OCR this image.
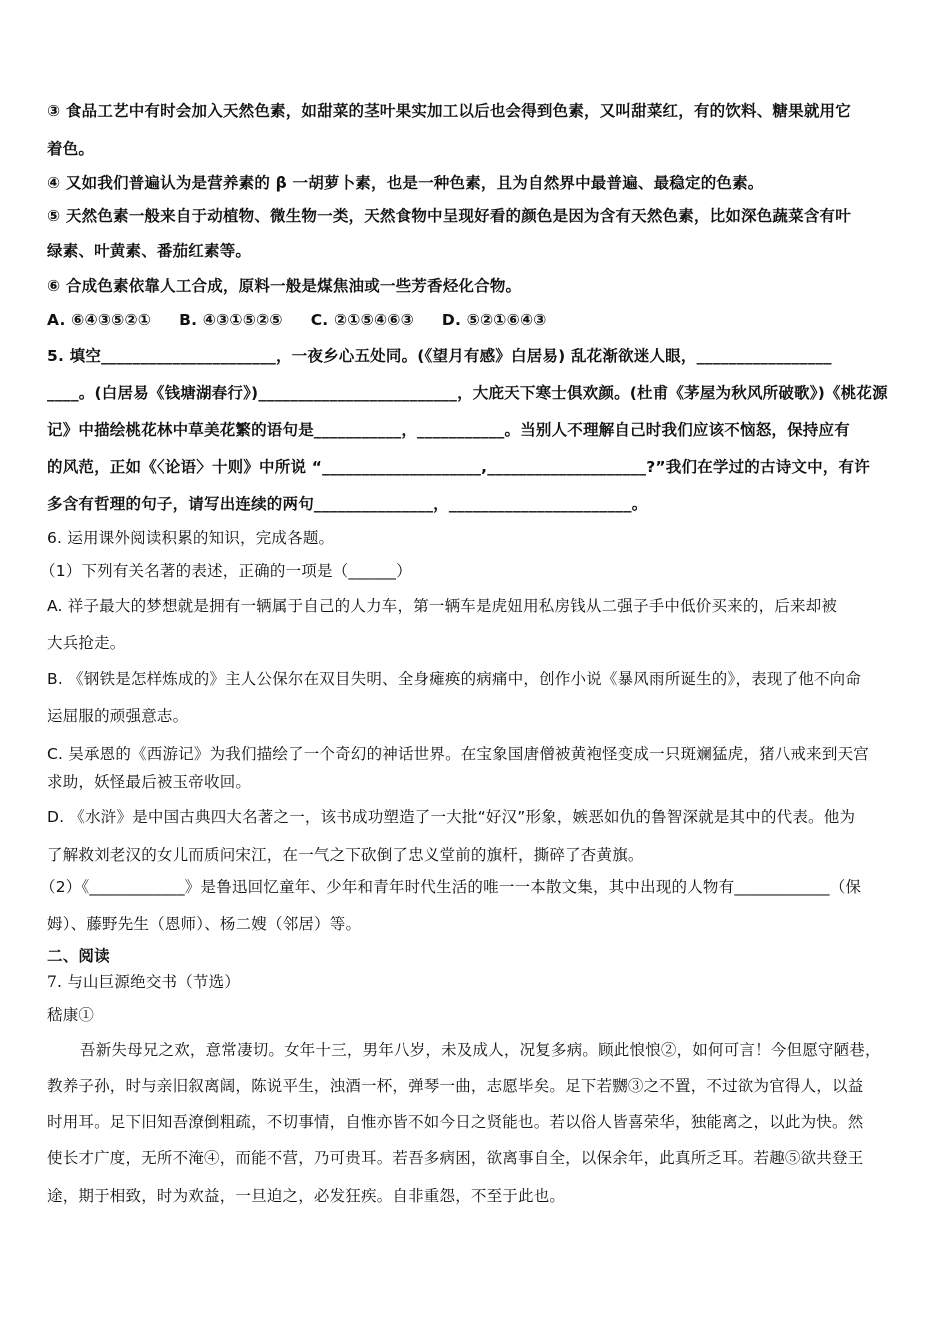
③ 食品工艺中有时会加入天然色素，如甜菜的茎叶果实加工以后也会得到色素，又叫甜菜红，有的饮料、糖果就用它
着色。
④ 又如我们普遍认为是营养素的 β 一胡萝卜素，也是一种色素，且为自然界中最普遍、最稳定的色素。
⑤ 天然色素一般来自于动植物、微生物一类，天然食物中呈现好看的颜色是因为含有天然色素，比如深色蔬菜含有叶
绿素、叶黄素、番茄红素等。
⑥ 合成色素依靠人工合成，原料一般是煤焦油或一些芳香烃化合物。
A. ⑥④③⑤②①     B. ④③①⑤②⑤     C. ②①⑤④⑥③     D. ⑤②①⑥④③
5. 填空______________________，一夜乡心五处同。(《望月有感》白居易) 乱花渐欲迷人眼，_________________
____。(白居易《钱塘湖春行》)_________________________，大庇天下寒士俱欢颜。(杜甫《茅屋为秋风所破歌》)《桃花源
记》中描绘桃花林中草美花繁的语句是___________，___________。当别人不理解自己时我们应该不恼怒，保持应有
的风范，正如《〈论语〉十则》中所说 “____________________,____________________?”我们在学过的古诗文中，有许
多含有哲理的句子，请写出连续的两句_______________，_______________________。
6. 运用课外阅读积累的知识，完成各题。
（1）下列有关名著的表述，正确的一项是（______）
A. 祥子最大的梦想就是拥有一辆属于自己的人力车，第一辆车是虎妞用私房钱从二强子手中低价买来的，后来却被
大兵抢走。
B. 《钢铁是怎样炼成的》主人公保尔在双目失明、全身瘫痪的病痛中，创作小说《暴风雨所诞生的》，表现了他不向命
运屈服的顽强意志。
C. 吴承恩的《西游记》为我们描绘了一个奇幻的神话世界。在宝象国唐僧被黄袍怪变成一只斑斓猛虎，猪八戒来到天宫
求助，妖怪最后被玉帝收回。
D. 《水浒》是中国古典四大名著之一，该书成功塑造了一大批“好汉”形象，嫉恶如仇的鲁智深就是其中的代表。他为
了解救刘老汉的女儿而质问宋江，在一气之下砍倒了忠义堂前的旗杆，撕碎了杏黄旗。
（2）《____________》是鲁迅回忆童年、少年和青年时代生活的唯一一本散文集，其中出现的人物有____________（保
姆）、藤野先生（恩师）、杨二嫂（邻居）等。
二、阅读
7. 与山巨源绝交书（节选）
嵇康①
吾新失母兄之欢，意常凄切。女年十三，男年八岁，未及成人，况复多病。顾此悢悢②，如何可言！今但愿守陋巷，
教养子孙，时与亲旧叙离阔，陈说平生，浊酒一杯，弹琴一曲，志愿毕矣。足下若嬲③之不置，不过欲为官得人，以益
时用耳。足下旧知吾潦倒粗疏，不切事情，自惟亦皆不如今日之贤能也。若以俗人皆喜荣华，独能离之，以此为快。然
使长才广度，无所不淹④，而能不营，乃可贵耳。若吾多病困，欲离事自全，以保余年，此真所乏耳。若趣⑤欲共登王
途，期于相致，时为欢益，一旦迫之，必发狂疾。自非重怨，不至于此也。
